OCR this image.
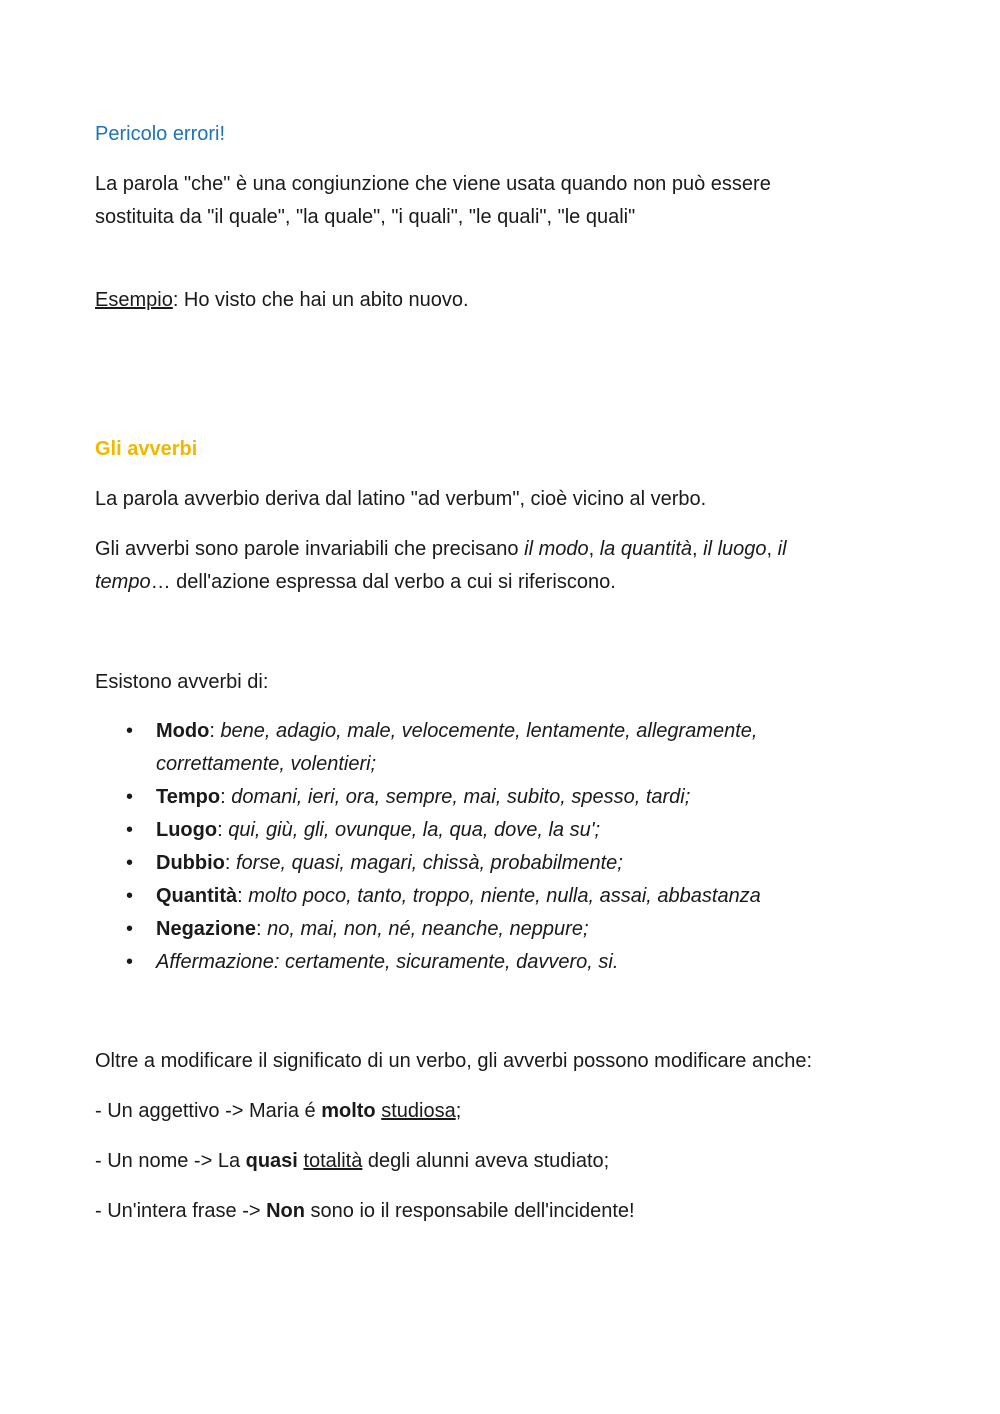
Pericolo errori!
La parola "che" è una congiunzione che viene usata quando non può essere sostituita da "il quale", "la quale", "i quali", "le quali", "le quali"
Esempio: Ho visto che hai un abito nuovo.
Gli avverbi
La parola avverbio deriva dal latino "ad verbum", cioè vicino al verbo.
Gli avverbi sono parole invariabili che precisano il modo, la quantità, il luogo, il tempo… dell'azione espressa dal verbo a cui si riferiscono.
Esistono avverbi di:
• Modo: bene, adagio, male, velocemente, lentamente, allegramente, correttamente, volentieri;
• Tempo: domani, ieri, ora, sempre, mai, subito, spesso, tardi;
• Luogo: qui, giù, gli, ovunque, la, qua, dove, la su';
• Dubbio: forse, quasi, magari, chissà, probabilmente;
• Quantità: molto poco, tanto, troppo, niente, nulla, assai, abbastanza
• Negazione: no, mai, non, né, neanche, neppure;
• Affermazione: certamente, sicuramente, davvero, si.
Oltre a modificare il significato di un verbo, gli avverbi possono modificare anche:
- Un aggettivo -> Maria é molto studiosa;
- Un nome -> La quasi totalità degli alunni aveva studiato;
- Un'intera frase -> Non sono io il responsabile dell'incidente!
